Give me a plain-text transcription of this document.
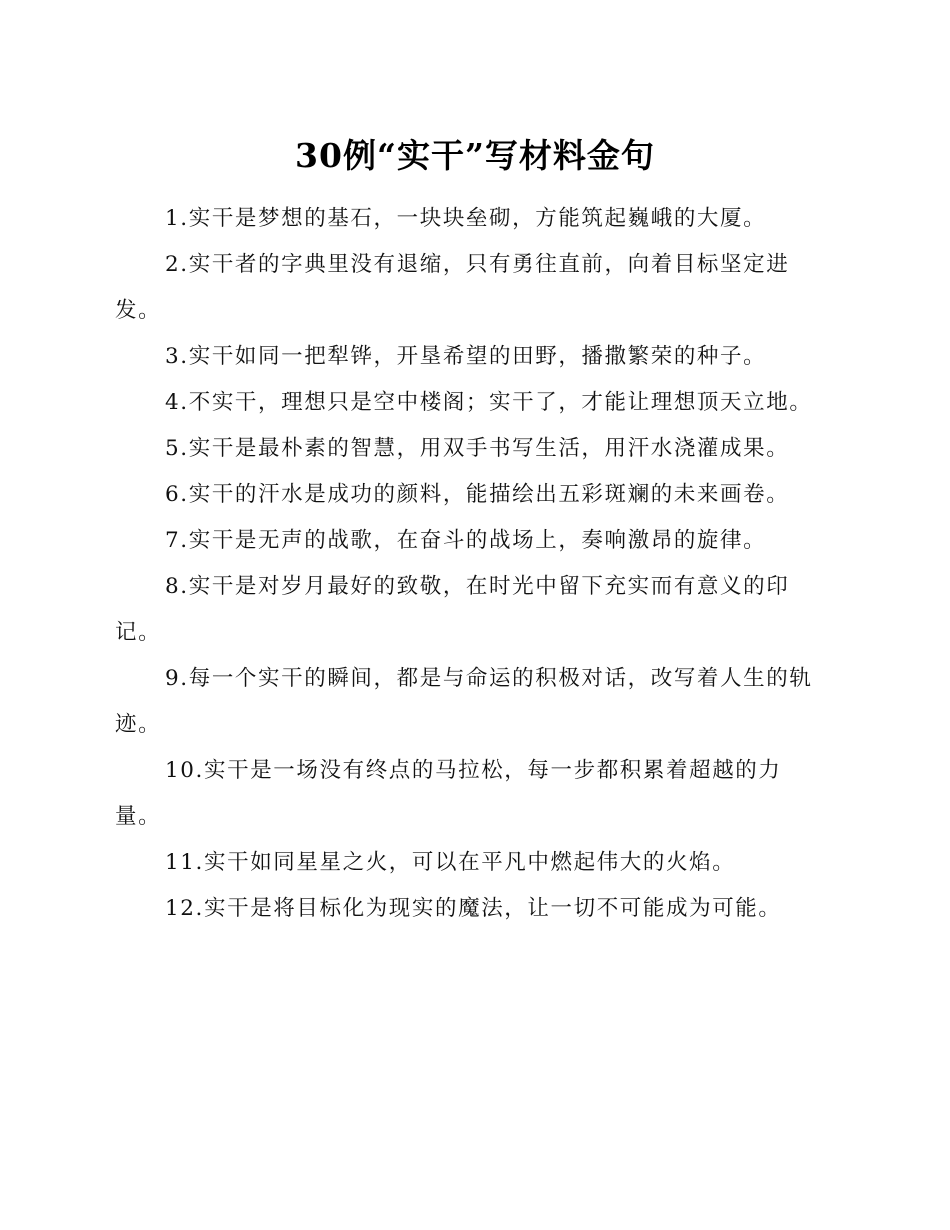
30例“实干”写材料金句

1.实干是梦想的基石，一块块垒砌，方能筑起巍峨的大厦。

2.实干者的字典里没有退缩，只有勇往直前，向着目标坚定进发。

3.实干如同一把犁铧，开垦希望的田野，播撒繁荣的种子。

4.不实干，理想只是空中楼阁；实干了，才能让理想顶天立地。

5.实干是最朴素的智慧，用双手书写生活，用汗水浇灌成果。

6.实干的汗水是成功的颜料，能描绘出五彩斑斓的未来画卷。

7.实干是无声的战歌，在奋斗的战场上，奏响激昂的旋律。

8.实干是对岁月最好的致敬，在时光中留下充实而有意义的印记。

9.每一个实干的瞬间，都是与命运的积极对话，改写着人生的轨迹。

10.实干是一场没有终点的马拉松，每一步都积累着超越的力量。

11.实干如同星星之火，可以在平凡中燃起伟大的火焰。

12.实干是将目标化为现实的魔法，让一切不可能成为可能。
